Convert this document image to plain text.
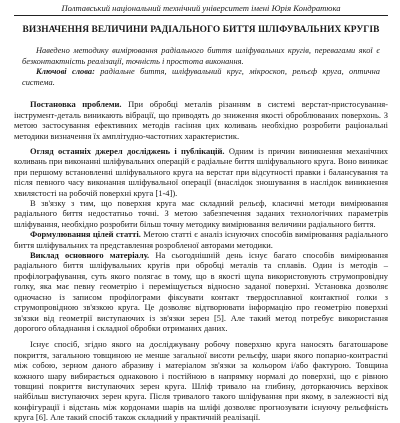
Полтавський національний технічний університет імені Юрія Кондратюка
ВИЗНАЧЕННЯ ВЕЛИЧИНИ РАДІАЛЬНОГО БИТТЯ ШЛІФУВАЛЬНИХ КРУГІВ

Наведено методику вимірювання радіального биття шліфувальних кругів, перевагами якої є безконтактність реалізації, точність і простота виконання.

Ключові слова: радіальне биття, шліфувальний круг, мікроскоп, рельєф круга, оптична система.

Постановка проблеми. При обробці металів різанням в системі верстат-пристосування-інструмент-деталь виникають вібрації, що приводять до зниження якості оброблюваних поверхонь. З метою застосування ефективних методів гасіння цих коливань необхідно розробити раціональні методики визначення їх амплітудно-частотних характеристик.

Огляд останніх джерел досліджень і публікацій. Одним із причин виникнення механічних коливань при виконанні шліфувальних операцій є радіальне биття шліфувального круга. Воно виникає при першому встановленні шліфувального круга на верстат при відсутності правки і балансування та після певного часу виконання шліфувальної операції (внаслідок зношування в наслідок виникнення хвилястості на робочій поверхні круга [1-4]).

В зв'язку з тим, що поверхня круга має складний рельєф, класичні методи вимірювання радіального биття недостатньо точні. З метою забезпечення заданих технологічних параметрів шліфування, необхідно розробити більш точну методику вимірювання величини радіального биття.

Формулювання цілей статті. Метою статті є аналіз існуючих способів вимірювання радіального биття шліфувальних та представлення розробленої авторами методики.

Виклад основного матеріалу. На сьогоднішній день існує багато способів вимірювання радіального биття шліфувальних кругів при обробці металів та сплавів. Один із методів – профілографування, суть якого полягає в тому, що в якості щупа використовують струмопровідну голку, яка має певну геометрію і переміщується відносно заданої поверхні. Установка дозволяє одночасно із записом профілограми фіксувати контакт твердосплавної контактної голки з струмопровідною зв'язкою круга. Це дозволяє відтворювати інформацію про геометрію поверхні зв'язки від геометрії виступаючих із зв'язки зерен [5]. Але такий метод потребує використання дорогого обладнання і складної обробки отриманих даних.

Існує спосіб, згідно якого на досліджувану робочу поверхню круга наносять багатошарове покриття, загальною товщиною не менше загальної висоти рельєфу, шари якого попарно-контрастні між собою, зерном даного абразиву і матеріалом зв'язки за кольором і/або фактурою. Товщина кожного шару вибирається однаковою і постійною в напрямку нормалі до поверхні, що є рівною товщині покриття виступаючих зерен круга. Шліф тривало на глибину, доторкаючись верхівок найбільш виступаючих зерен круга. Після тривалого такого шліфування при якому, в залежності від конфігурації і відстань між кордонами шарів на шліфі дозволяє прогнозувати існуючу рельєфність круга [6]. Але такий спосіб також складний у практичній реалізації.
